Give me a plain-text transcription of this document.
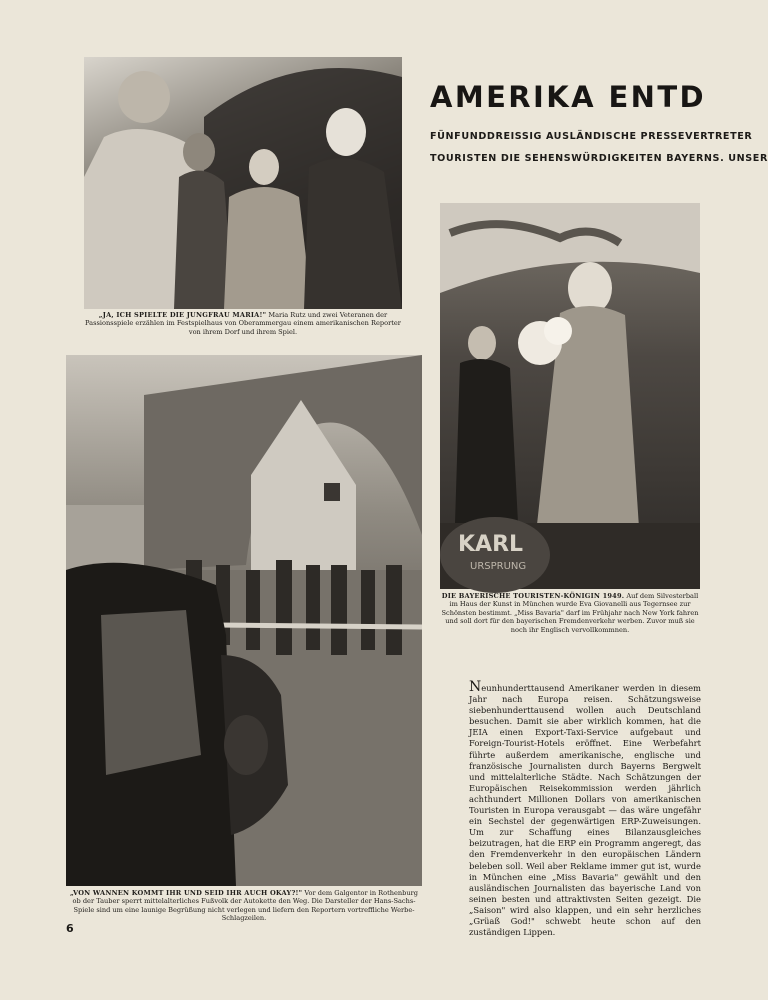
„JA, ICH SPIELTE DIE JUNGFRAU MARIA!" Maria Rutz und zwei Veteranen der Passionsspiele erzählen im Festspielhaus von Oberammergau einem amerikanischen Reporter von ihrem Dorf und ihrem Spiel.
AMERIKA ENTD
FÜNFUNDDREISSIG AUSLÄNDISCHE PRESSEVERTRETER
TOURISTEN DIE SEHENSWÜRDIGKEITEN BAYERNS. UNSER
KARL
URSPRUNG
DIE BAYERISCHE TOURISTEN-KÖNIGIN 1949. Auf dem Silvesterball im Haus der Kunst in München wurde Eva Giovanelli aus Tegernsee zur Schönsten bestimmt. „Miss Bavaria" darf im Frühjahr nach New York fahren und soll dort für den bayerischen Fremdenverkehr werben. Zuvor muß sie noch ihr Englisch vervollkommnen.
„VON WANNEN KOMMT IHR UND SEID IHR AUCH OKAY?!" Vor dem Galgentor in Rothenburg ob der Tauber sperrt mittelalterliches Fußvolk der Autokette den Weg. Die Darsteller der Hans-Sachs-Spiele sind um eine launige Begrüßung nicht verlegen und liefern den Reportern vortreffliche Werbe-Schlagzeilen.
Neunhunderttausend Amerikaner werden in diesem Jahr nach Europa reisen. Schätzungsweise siebenhunderttausend wollen auch Deutschland besuchen. Damit sie aber wirklich kommen, hat die JEIA einen Export-Taxi-Service aufgebaut und Foreign-Tourist-Hotels eröffnet. Eine Werbefahrt führte außerdem amerikanische, englische und französische Journalisten durch Bayerns Bergwelt und mittelalterliche Städte. Nach Schätzungen der Europäischen Reisekommission werden jährlich achthundert Millionen Dollars von amerikanischen Touristen in Europa verausgabt — das wäre ungefähr ein Sechstel der gegenwärtigen ERP-Zuweisungen. Um zur Schaffung eines Bilanzausgleiches beizutragen, hat die ERP ein Programm angeregt, das den Fremdenverkehr in den europäischen Ländern beleben soll. Weil aber Reklame immer gut ist, wurde in München eine „Miss Bavaria" gewählt und den ausländischen Journalisten das bayerische Land von seinen besten und attraktivsten Seiten gezeigt. Die „Saison" wird also klappen, und ein sehr herzliches „Grüaß God!" schwebt heute schon auf den zuständigen Lippen.
6
